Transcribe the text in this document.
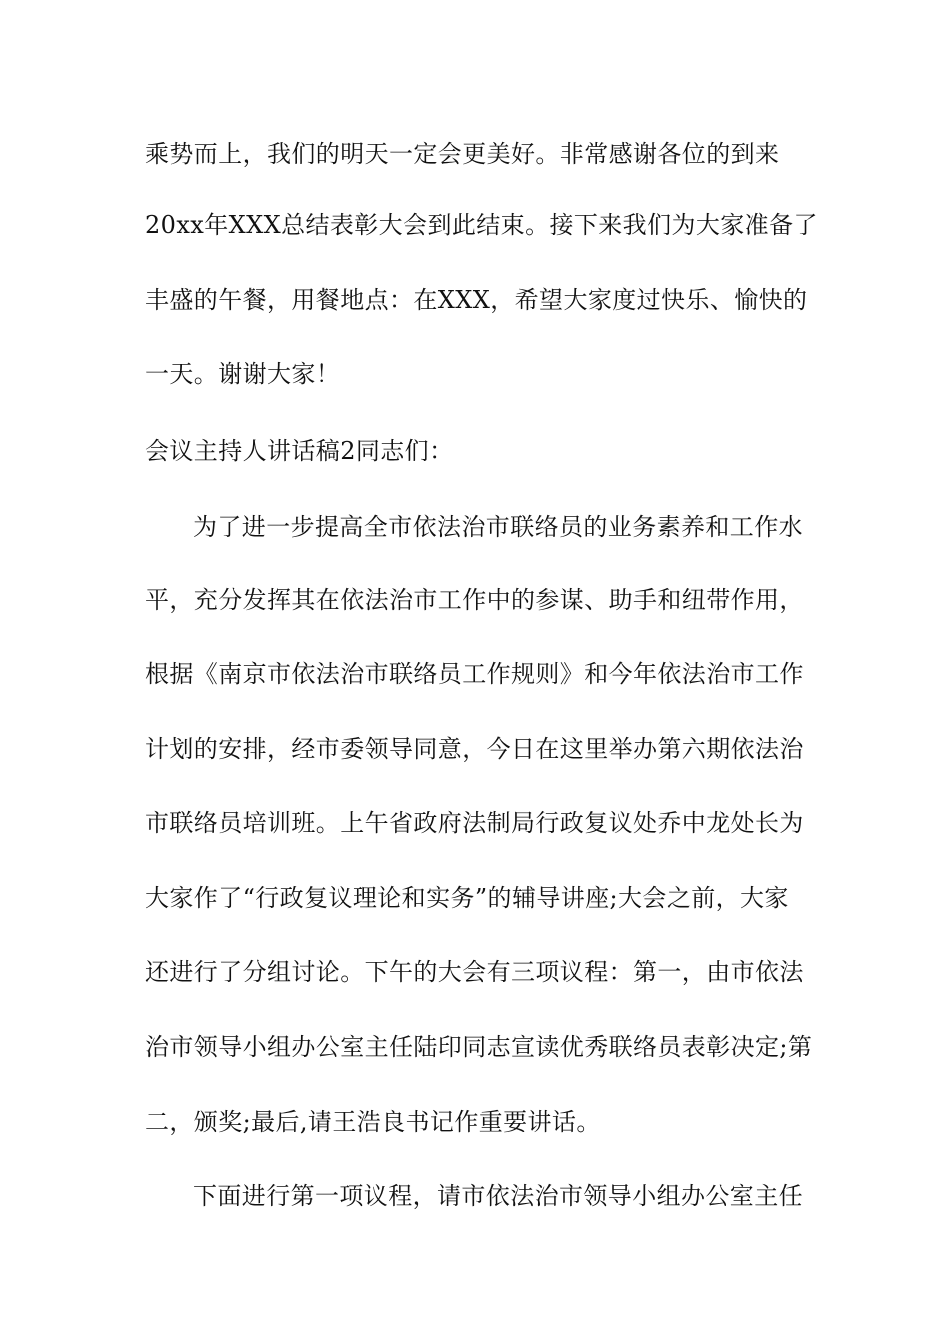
乘势而上，我们的明天一定会更美好。非常感谢各位的到来
20xx年XXX总结表彰大会到此结束。接下来我们为大家准备了
丰盛的午餐，用餐地点：在XXX，希望大家度过快乐、愉快的
一天。谢谢大家！
会议主持人讲话稿2同志们：
为了进一步提高全市依法治市联络员的业务素养和工作水
平，充分发挥其在依法治市工作中的参谋、助手和纽带作用，
根据《南京市依法治市联络员工作规则》和今年依法治市工作
计划的安排，经市委领导同意，今日在这里举办第六期依法治
市联络员培训班。上午省政府法制局行政复议处乔中龙处长为
大家作了“行政复议理论和实务”的辅导讲座;大会之前，大家
还进行了分组讨论。下午的大会有三项议程：第一，由市依法
治市领导小组办公室主任陆印同志宣读优秀联络员表彰决定;第
二，颁奖;最后,请王浩良书记作重要讲话。
下面进行第一项议程，请市依法治市领导小组办公室主任
